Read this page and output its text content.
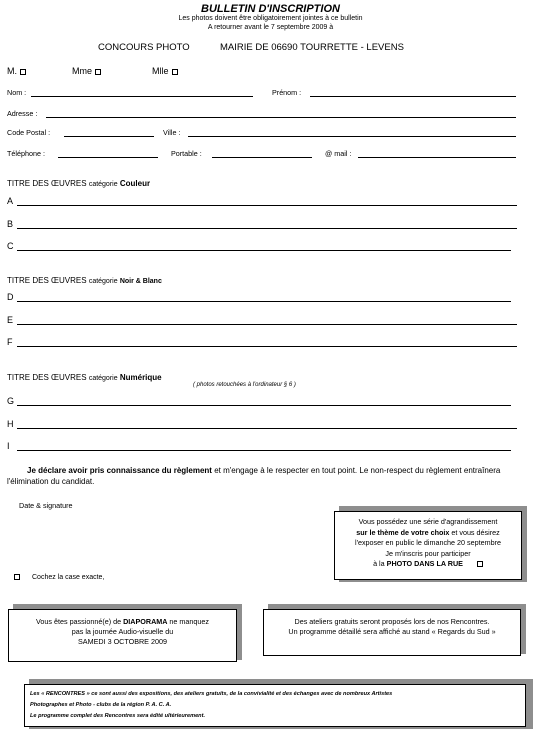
BULLETIN D'INSCRIPTION
Les photos doivent être obligatoirement jointes à ce bulletin
A retourner avant le 7 septembre 2009 à
CONCOURS PHOTO	MAIRIE DE 06690 TOURRETTE - LEVENS
M.	Mme	Mlle
Nom :	Prénom :
Adresse :
Code Postal :	Ville :
Téléphone :	Portable :	@ mail :
TITRE DES ŒUVRES catégorie Couleur
A
B
C
TITRE DES ŒUVRES catégorie Noir & Blanc
D
E
F
TITRE DES ŒUVRES catégorie Numérique
( photos retouchées à l'ordinateur § 6 )
G
H
I
Je déclare avoir pris connaissance du règlement et m'engage à le respecter en tout point. Le non-respect du règlement entraînera
l'élimination du candidat.
Date & signature

Vous possédez une série d'agrandissement

sur le thème de votre choix et vous désirez

l'exposer en public le dimanche 20 septembre

Je m'inscris pour participer

à la PHOTO DANS LA RUE

Cochez la case exacte,

Vous êtes passionné(e) de DIAPORAMA ne manquez

pas la journée Audio-visuelle du

SAMEDI 3 OCTOBRE 2009

Des ateliers gratuits seront proposés lors de nos Rencontres.

Un programme détaillé sera affiché au stand « Regards du Sud »

Les « RENCONTRES » ce sont aussi des expositions, des ateliers gratuits, de la convivialité et des échanges avec de nombreux Artistes

Photographes et Photo - clubs de la région P. A. C. A.

Le programme complet des Rencontres sera édité ultérieurement.
